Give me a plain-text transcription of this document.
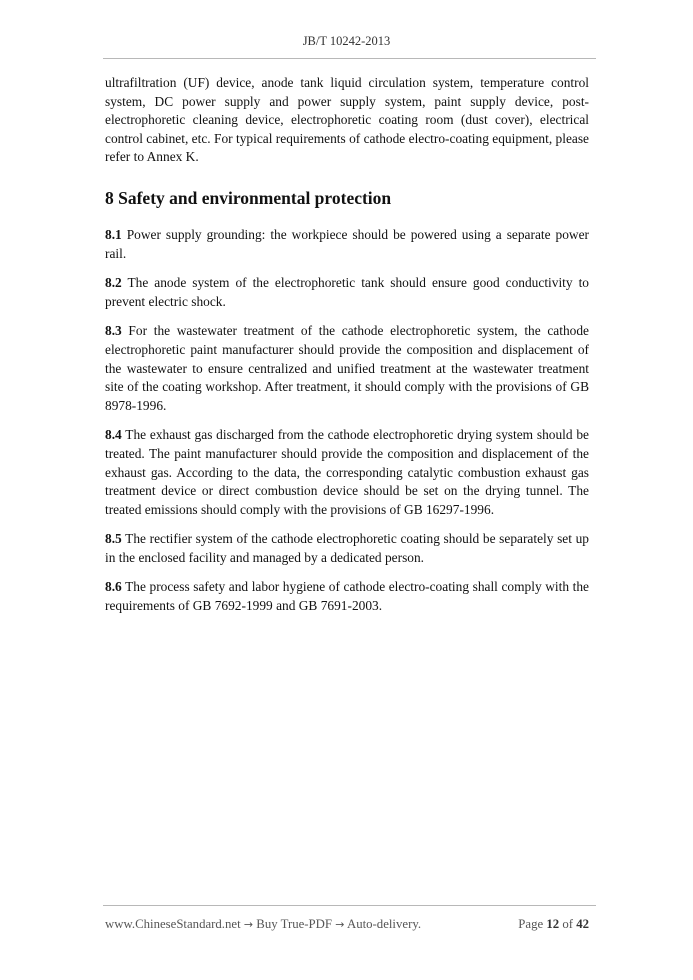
JB/T 10242-2013

ultrafiltration (UF) device, anode tank liquid circulation system, temperature control system, DC power supply and power supply system, paint supply device, post-electrophoretic cleaning device, electrophoretic coating room (dust cover), electrical control cabinet, etc. For typical requirements of cathode electro-coating equipment, please refer to Annex K.

8 Safety and environmental protection

8.1 Power supply grounding: the workpiece should be powered using a separate power rail.

8.2 The anode system of the electrophoretic tank should ensure good conductivity to prevent electric shock.

8.3 For the wastewater treatment of the cathode electrophoretic system, the cathode electrophoretic paint manufacturer should provide the composition and displacement of the wastewater to ensure centralized and unified treatment at the wastewater treatment site of the coating workshop. After treatment, it should comply with the provisions of GB 8978-1996.

8.4 The exhaust gas discharged from the cathode electrophoretic drying system should be treated. The paint manufacturer should provide the composition and displacement of the exhaust gas. According to the data, the corresponding catalytic combustion exhaust gas treatment device or direct combustion device should be set on the drying tunnel. The treated emissions should comply with the provisions of GB 16297-1996.

8.5 The rectifier system of the cathode electrophoretic coating should be separately set up in the enclosed facility and managed by a dedicated person.

8.6 The process safety and labor hygiene of cathode electro-coating shall comply with the requirements of GB 7692-1999 and GB 7691-2003.

www.ChineseStandard.net → Buy True-PDF → Auto-delivery.	Page 12 of 42
